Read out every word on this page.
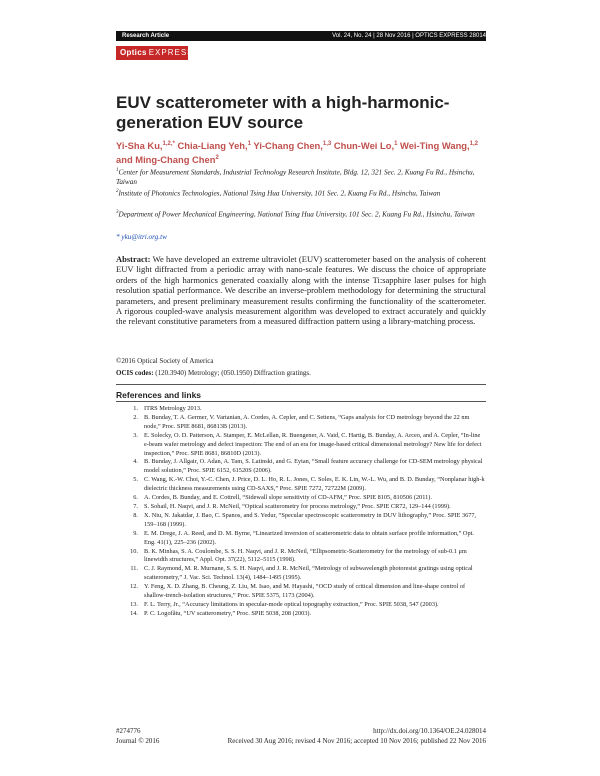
Research Article	Vol. 24, No. 24 | 28 Nov 2016 | OPTICS EXPRESS 28014
Optics EXPRESS
EUV scatterometer with a high-harmonic-generation EUV source
Yi-Sha Ku,$^{1,2,*}$ Chia-Liang Yeh,$^1$ Yi-Chang Chen,$^{1,3}$ Chun-Wei Lo,$^1$ Wei-Ting Wang,$^{1,2}$ and Ming-Chang Chen$^2$
$^1$Center for Measurement Standards, Industrial Technology Research Institute, Bldg. 12, 321 Sec. 2, Kuang Fu Rd., Hsinchu, Taiwan
$^2$Institute of Photonics Technologies, National Tsing Hua University, 101 Sec. 2, Kuang Fu Rd., Hsinchu, Taiwan
$^3$Department of Power Mechanical Engineering, National Tsing Hua University, 101 Sec. 2, Kuang Fu Rd., Hsinchu, Taiwan
* yku@itri.org.tw
Abstract: We have developed an extreme ultraviolet (EUV) scatterometer based on the analysis of coherent EUV light diffracted from a periodic array with nano-scale features. We discuss the choice of appropriate orders of the high harmonics generated coaxially along with the intense Ti:sapphire laser pulses for high resolution spatial performance. We describe an inverse-problem methodology for determining the structural parameters, and present preliminary measurement results confirming the functionality of the scatterometer. A rigorous coupled-wave analysis measurement algorithm was developed to extract accurately and quickly the relevant constitutive parameters from a measured diffraction pattern using a library-matching process.
©2016 Optical Society of America
OCIS codes: (120.3940) Metrology; (050.1950) Diffraction gratings.
References and links
1. ITRS Metrology 2013.
2. B. Bunday, T. A. Germer, V. Vartanian, A. Cordes, A. Cepler, and C. Settens, “Gaps analysis for CD metrology beyond the 22 nm node,” Proc. SPIE 8681, 86813B (2013).
3. E. Solecky, O. D. Patterson, A. Stamper, E. McLellan, R. Buengener, A. Vaid, C. Hartig, B. Bunday, A. Arceo, and A. Cepler, “In-line e-beam wafer metrology and defect inspection: The end of an era for image-based critical dimensional metrology? New life for defect inspection,” Proc. SPIE 8681, 86810D (2013).
4. B. Bunday, J. Allgair, O. Adan, A. Tam, S. Latinski, and G. Eytan, “Small feature accuracy challenge for CD-SEM metrology physical model solution,” Proc. SPIE 6152, 61520S (2006).
5. C. Wang, K.-W. Choi, Y.-C. Chen, J. Price, D. L. Ho, R. L. Jones, C. Soles, E. K. Lin, W.-L. Wu, and B. D. Bunday, “Nonplanar high-k dielectric thickness measurements using CD-SAXS,” Proc. SPIE 7272, 72722M (2009).
6. A. Cordes, B. Bunday, and E. Cottrell, “Sidewall slope sensitivity of CD-AFM,” Proc. SPIE 8105, 810506 (2011).
7. S. Sohail, H. Naqvi, and J. R. McNeil, “Optical scatterometry for process metrology,” Proc. SPIE CR72, 129–144 (1999).
8. X. Niu, N. Jakatdar, J. Bao, C. Spanos, and S. Yedur, “Specular spectroscopic scatterometry in DUV lithography,” Proc. SPIE 3677, 159–168 (1999).
9. E. M. Drege, J. A. Reed, and D. M. Byrne, “Linearized inversion of scatterometric data to obtain surface profile information,” Opt. Eng. 41(1), 225–236 (2002).
10. B. K. Minhas, S. A. Coulombe, S. S. H. Naqvi, and J. R. McNeil, “Ellipsometric-Scatterometry for the metrology of sub-0.1 μm linewidth structures,” Appl. Opt. 37(22), 5112–5115 (1998).
11. C. J. Raymond, M. R. Murnane, S. S. H. Naqvi, and J. R. McNeil, “Metrology of subwavelength photoresist gratings using optical scatterometry,” J. Vac. Sci. Technol. 13(4), 1484–1495 (1995).
12. Y. Feng, X. D. Zhang, B. Cheung, Z. Liu, M. Isao, and M. Hayashi, “OCD study of critical dimension and line-shape control of shallow-trench-isolation structures,” Proc. SPIE 5375, 1173 (2004).
13. F. L. Terry, Jr., “Accuracy limitations in specular-mode optical topography extraction,” Proc. SPIE 5038, 547 (2003).
14. P. C. Logofătu, “UV scatterometry,” Proc. SPIE 5038, 208 (2003).
#274776
Journal © 2016
http://dx.doi.org/10.1364/OE.24.028014
Received 30 Aug 2016; revised 4 Nov 2016; accepted 10 Nov 2016; published 22 Nov 2016
